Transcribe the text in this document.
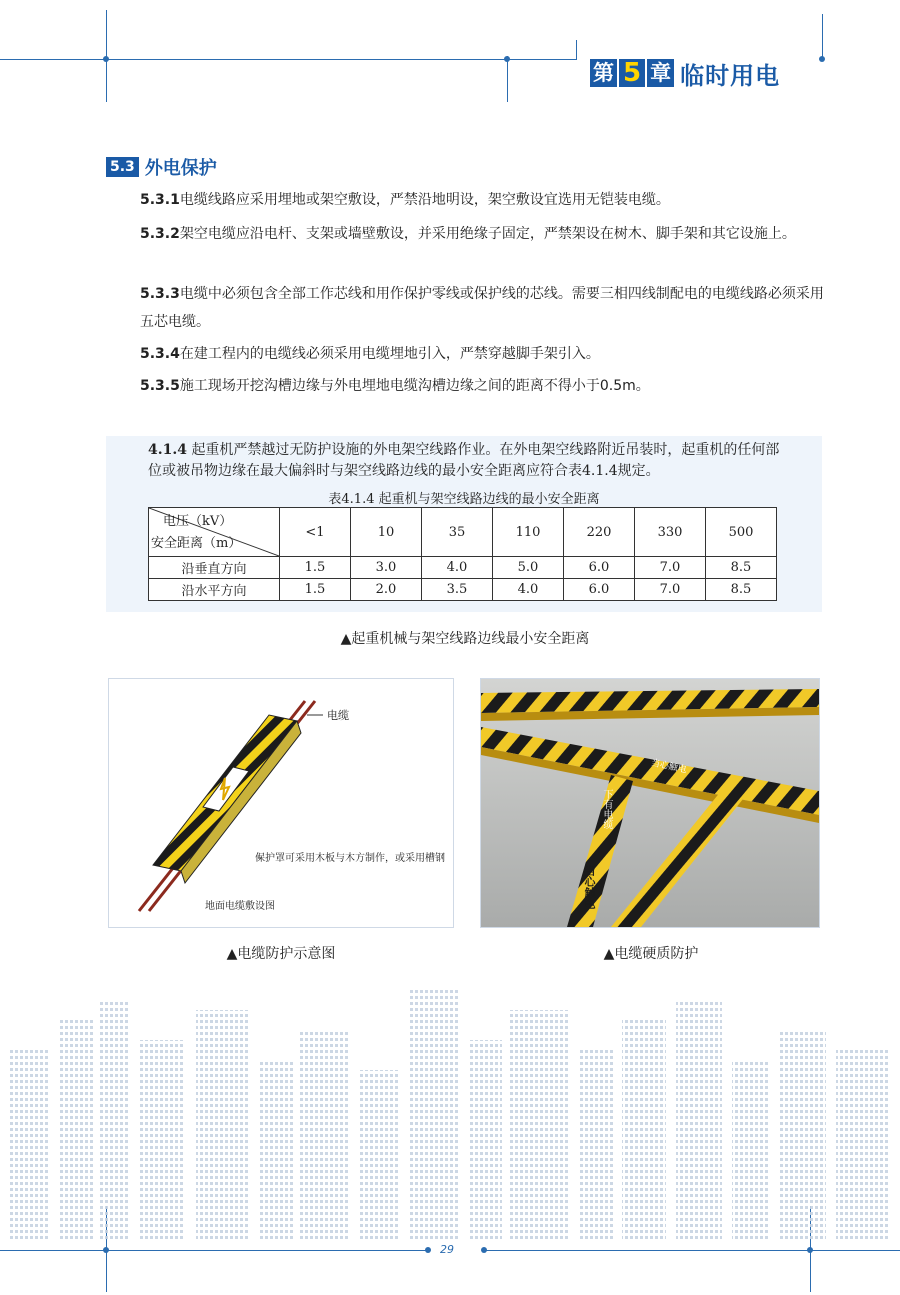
第 5 章 临时用电
5.3 外电保护
5.3.1电缆线路应采用埋地或架空敷设，严禁沿地明设，架空敷设宜选用无铠装电缆。
5.3.2架空电缆应沿电杆、支架或墙壁敷设，并采用绝缘子固定，严禁架设在树木、脚手架和其它设施上。
5.3.3电缆中必须包含全部工作芯线和用作保护零线或保护线的芯线。需要三相四线制配电的电缆线路必须采用五芯电缆。
5.3.4在建工程内的电缆线必须采用电缆埋地引入，严禁穿越脚手架引入。
5.3.5施工现场开挖沟槽边缘与外电埋地电缆沟槽边缘之间的距离不得小于0.5m。
4.1.4 起重机严禁越过无防护设施的外电架空线路作业。在外电架空线路附近吊装时，起重机的任何部位或被吊物边缘在最大偏斜时与架空线路边线的最小安全距离应符合表4.1.4规定。
表4.1.4 起重机与架空线路边线的最小安全距离
电压（kV）
安全距离（m）	<1	10	35	110	220	330	500
沿垂直方向	1.5	3.0	4.0	5.0	6.0	7.0	8.5
沿水平方向	1.5	2.0	3.5	4.0	6.0	7.0	8.5
▲起重机械与架空线路边线最小安全距离
电缆
保护罩可采用木板与木方制作，或采用槽钢
地面电缆敷设图
下有电缆
当心触电
当心触电
▲电缆防护示意图	▲电缆硬质防护
29
